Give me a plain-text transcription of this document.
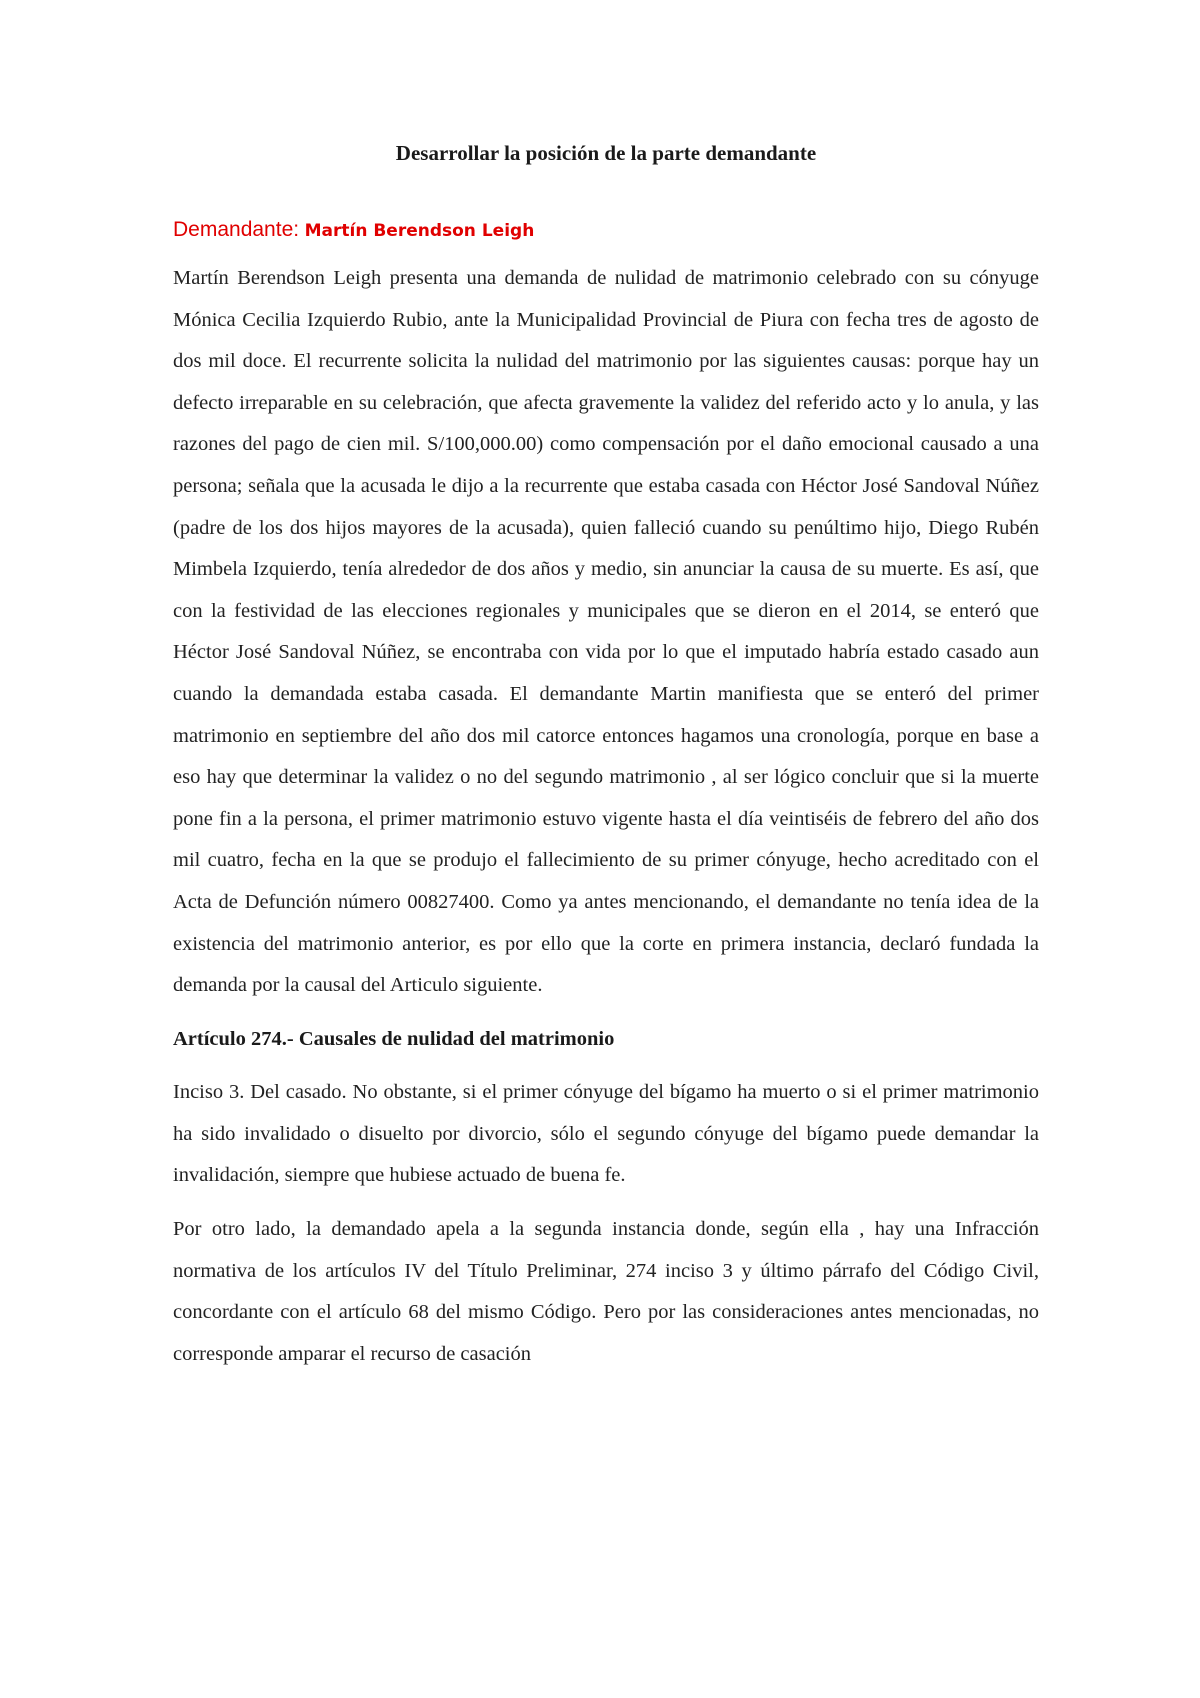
Desarrollar la posición de la parte demandante

Demandante: Martín Berendson Leigh

Martín Berendson Leigh presenta una demanda de nulidad de matrimonio celebrado con su cónyuge Mónica Cecilia Izquierdo Rubio, ante la Municipalidad Provincial de Piura con fecha tres de agosto de dos mil doce. El recurrente solicita la nulidad del matrimonio por las siguientes causas: porque hay un defecto irreparable en su celebración, que afecta gravemente la validez del referido acto y lo anula, y las razones del pago de cien mil. S/100,000.00) como compensación por el daño emocional causado a una persona; señala que la acusada le dijo a la recurrente que estaba casada con Héctor José Sandoval Núñez (padre de los dos hijos mayores de la acusada), quien falleció cuando su penúltimo hijo, Diego Rubén Mimbela Izquierdo, tenía alrededor de dos años y medio, sin anunciar la causa de su muerte. Es así, que con la festividad de las elecciones regionales y municipales que se dieron en el 2014, se enteró que Héctor José Sandoval Núñez, se encontraba con vida por lo que el imputado habría estado casado aun cuando la demandada estaba casada. El demandante Martin manifiesta que se enteró del primer matrimonio en septiembre del año dos mil catorce entonces hagamos una cronología, porque en base a eso hay que determinar la validez o no del segundo matrimonio , al ser lógico concluir que si la muerte pone fin a la persona, el primer matrimonio estuvo vigente hasta el día veintiséis de febrero del año dos mil cuatro, fecha en la que se produjo el fallecimiento de su primer cónyuge, hecho acreditado con el Acta de Defunción número 00827400. Como ya antes mencionando, el demandante no tenía idea de la existencia del matrimonio anterior, es por ello que la corte en primera instancia, declaró fundada la demanda por la causal del Articulo siguiente.

Artículo 274.- Causales de nulidad del matrimonio

Inciso 3. Del casado. No obstante, si el primer cónyuge del bígamo ha muerto o si el primer matrimonio ha sido invalidado o disuelto por divorcio, sólo el segundo cónyuge del bígamo puede demandar la invalidación, siempre que hubiese actuado de buena fe.

Por otro lado, la demandado apela a la segunda instancia donde, según ella , hay una Infracción normativa de los artículos IV del Título Preliminar, 274 inciso 3 y último párrafo del Código Civil, concordante con el artículo 68 del mismo Código. Pero por las consideraciones antes mencionadas, no corresponde amparar el recurso de casación
